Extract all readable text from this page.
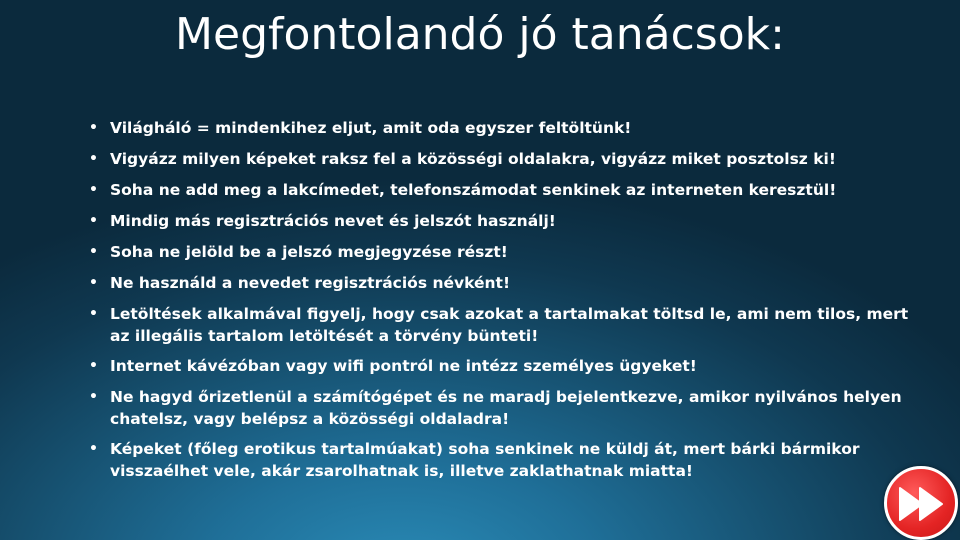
Megfontolandó jó tanácsok:
• Világháló = mindenkihez eljut, amit oda egyszer feltöltünk!
• Vigyázz milyen képeket raksz fel a közösségi oldalakra, vigyázz miket posztolsz ki!
• Soha ne add meg a lakcímedet, telefonszámodat senkinek az interneten keresztül!
• Mindig más regisztrációs nevet és jelszót használj!
• Soha ne jelöld be a jelszó megjegyzése részt!
• Ne használd a nevedet regisztrációs névként!
• Letöltések alkalmával figyelj, hogy csak azokat a tartalmakat töltsd le, ami nem tilos, mert az illegális tartalom letöltését a törvény bünteti!
• Internet kávézóban vagy wifi pontról ne intézz személyes ügyeket!
• Ne hagyd őrizetlenül a számítógépet és ne maradj bejelentkezve, amikor nyilvános helyen chatelsz, vagy belépsz a közösségi oldaladra!
• Képeket (főleg erotikus tartalmúakat) soha senkinek ne küldj át, mert bárki bármikor visszaélhet vele, akár zsarolhatnak is, illetve zaklathatnak miatta!
